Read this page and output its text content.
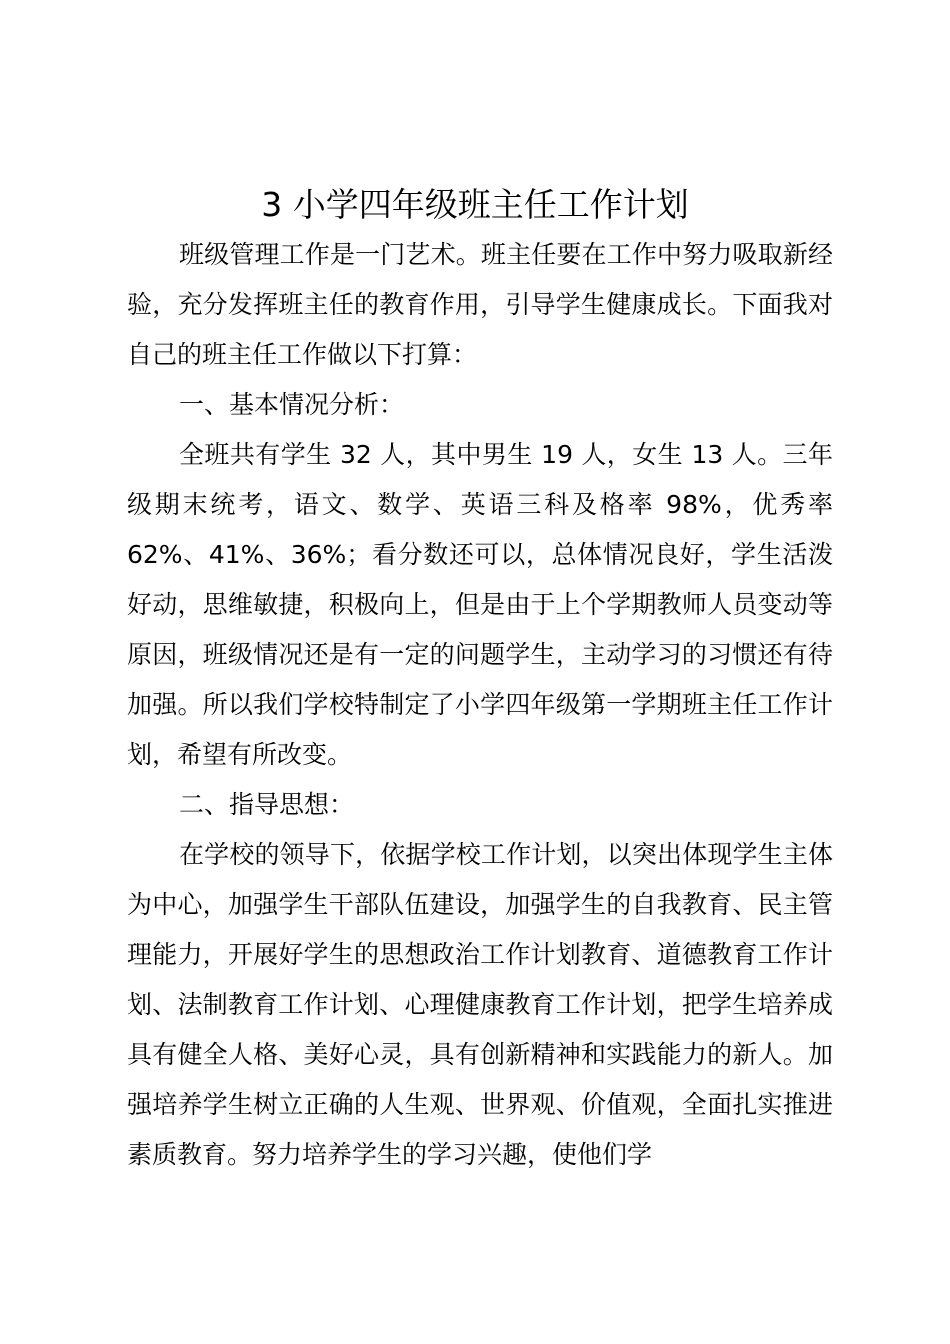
3 小学四年级班主任工作计划

班级管理工作是一门艺术。班主任要在工作中努力吸取新经验，充分发挥班主任的教育作用，引导学生健康成长。下面我对自己的班主任工作做以下打算：

一、基本情况分析：

全班共有学生 32 人，其中男生 19 人，女生 13 人。三年级期末统考，语文、数学、英语三科及格率 98%，优秀率 62%、41%、36%；看分数还可以，总体情况良好，学生活泼好动，思维敏捷，积极向上，但是由于上个学期教师人员变动等原因，班级情况还是有一定的问题学生，主动学习的习惯还有待加强。所以我们学校特制定了小学四年级第一学期班主任工作计划，希望有所改变。

二、指导思想：

在学校的领导下，依据学校工作计划，以突出体现学生主体为中心，加强学生干部队伍建设，加强学生的自我教育、民主管理能力，开展好学生的思想政治工作计划教育、道德教育工作计划、法制教育工作计划、心理健康教育工作计划，把学生培养成具有健全人格、美好心灵，具有创新精神和实践能力的新人。加强培养学生树立正确的人生观、世界观、价值观，全面扎实推进素质教育。努力培养学生的学习兴趣，使他们学
